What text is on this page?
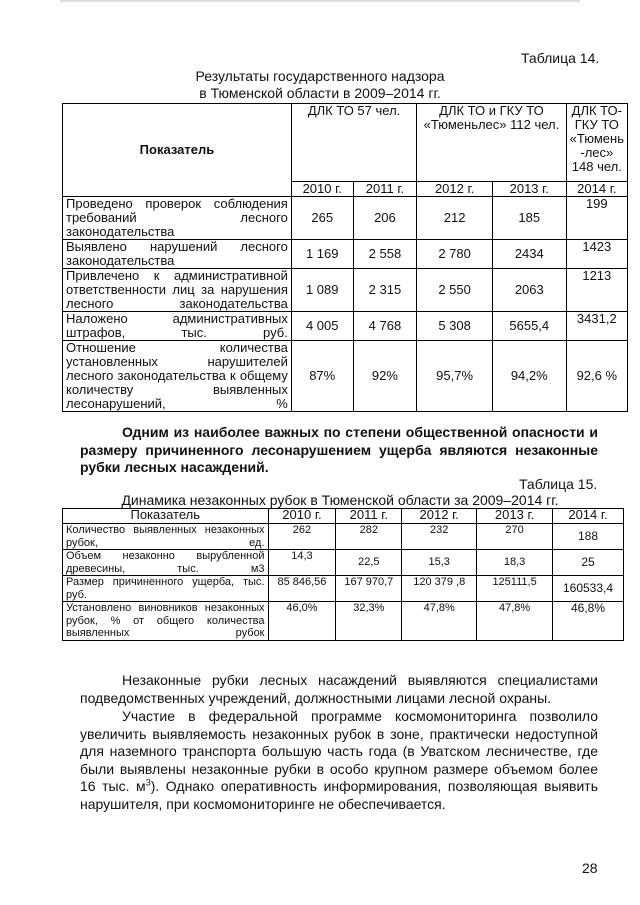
Таблица 14.
Результаты государственного надзора
в Тюменской области в 2009–2014 гг.
Показатель	ДЛК ТО 57 чел.		ДЛК ТО и ГКУ ТО «Тюменьлес» 112 чел.		ДЛК ТО-ГКУ ТО «Тюмень -лес» 148 чел.
	2010 г.	2011 г.	2012 г.	2013 г.	2014 г.
Проведено проверок соблюдения требований лесного законодательства	265	206	212	185	199
Выявлено нарушений лесного законодательства	1 169	2 558	2 780	2434	1423
Привлечено к административной ответственности лиц за нарушения лесного законодательства	1 089	2 315	2 550	2063	1213
Наложено административных штрафов, тыс. руб.	4 005	4 768	5 308	5655,4	3431,2
Отношение количества установленных нарушителей лесного законодательства к общему количеству выявленных лесонарушений, %	87%	92%	95,7%	94,2%	92,6 %
Одним из наиболее важных по степени общественной опасности и размеру причиненного лесонарушением ущерба являются незаконные рубки лесных насаждений.
Таблица 15.
Динамика незаконных рубок в Тюменской области за 2009–2014 гг.
Показатель	2010 г.	2011 г.	2012 г.	2013 г.	2014 г.
Количество выявленных незаконных рубок, ед.	262	282	232	270	188
Объем незаконно вырубленной древесины, тыс. м3	14,3	22,5	15,3	18,3	25
Размер причиненного ущерба, тыс. руб.	85 846,56	167 970,7	120 379 ,8	125111,5	160533,4
Установлено виновников незаконных рубок, % от общего количества выявленных рубок	46,0%	32,3%	47,8%	47,8%	46,8%
Незаконные рубки лесных насаждений выявляются специалистами подведомственных учреждений, должностными лицами лесной охраны.
Участие в федеральной программе космомониторинга позволило увеличить выявляемость незаконных рубок в зоне, практически недоступной для наземного транспорта большую часть года (в Уватском лесничестве, где были выявлены незаконные рубки в особо крупном размере объемом более 16 тыс. $м^3$). Однако оперативность информирования, позволяющая выявить нарушителя, при космомониторинге не обеспечивается.
28
